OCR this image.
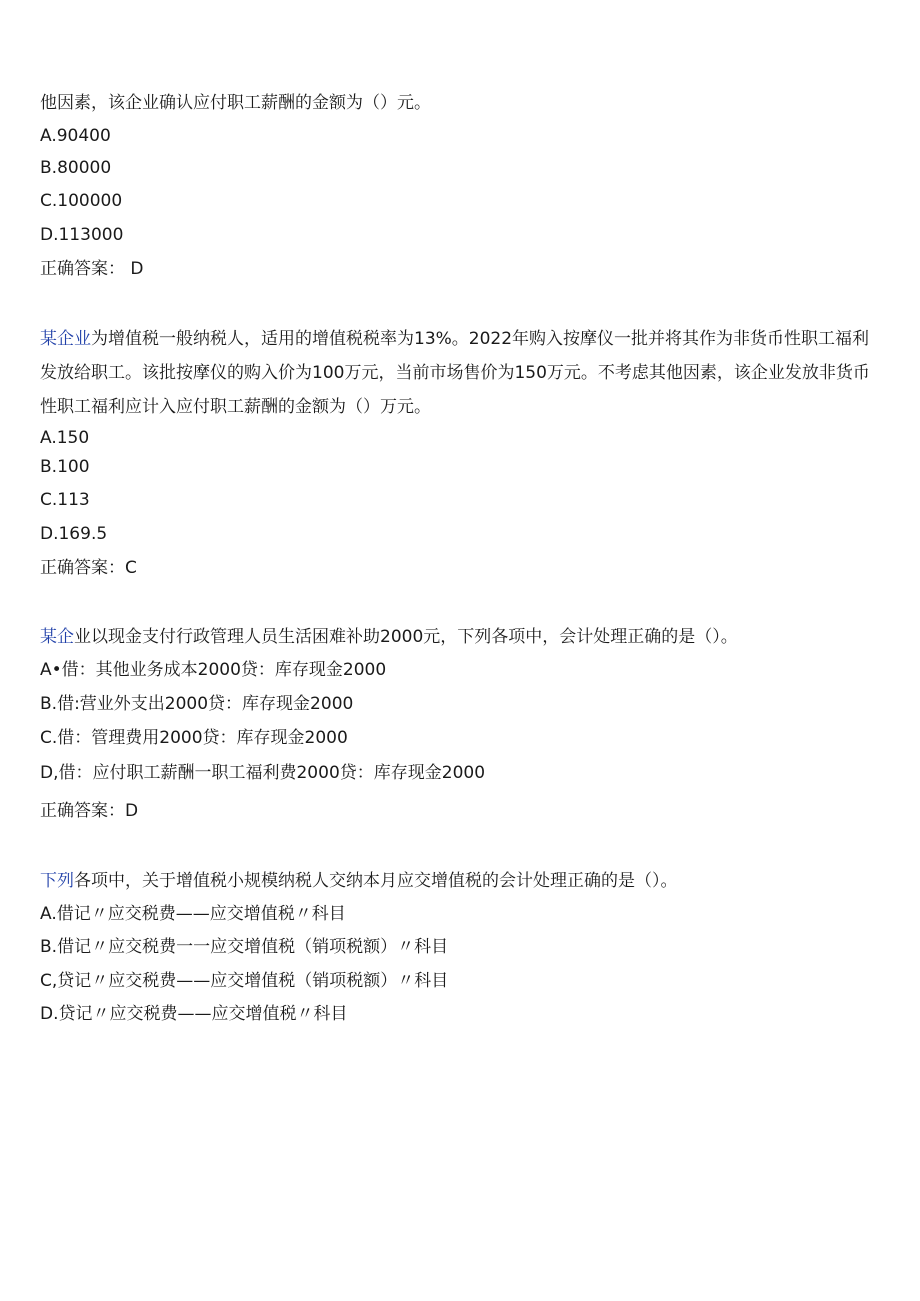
他因素，该企业确认应付职工薪酬的金额为（）元。
A.90400
B.80000
C.100000
D.113000
正确答案： D
某企业为增值税一般纳税人，适用的增值税税率为13%。2022年购入按摩仪一批并将其作为非货币性职工福利发放给职工。该批按摩仪的购入价为100万元，当前市场售价为150万元。不考虑其他因素，该企业发放非货币性职工福利应计入应付职工薪酬的金额为（）万元。
A.150
B.100
C.113
D.169.5
正确答案：C
某企业以现金支付行政管理人员生活困难补助2000元，下列各项中，会计处理正确的是（）。
A•借：其他业务成本2000贷：库存现金2000
B.借:营业外支出2000贷：库存现金2000
C.借：管理费用2000贷：库存现金2000
D,借：应付职工薪酬一职工福利费2000贷：库存现金2000
正确答案：D
下列各项中，关于增值税小规模纳税人交纳本月应交增值税的会计处理正确的是（）。
A.借记〃应交税费——应交增值税〃科目
B.借记〃应交税费一一应交增值税（销项税额）〃科目
C,贷记〃应交税费——应交增值税（销项税额）〃科目
D.贷记〃应交税费——应交增值税〃科目
